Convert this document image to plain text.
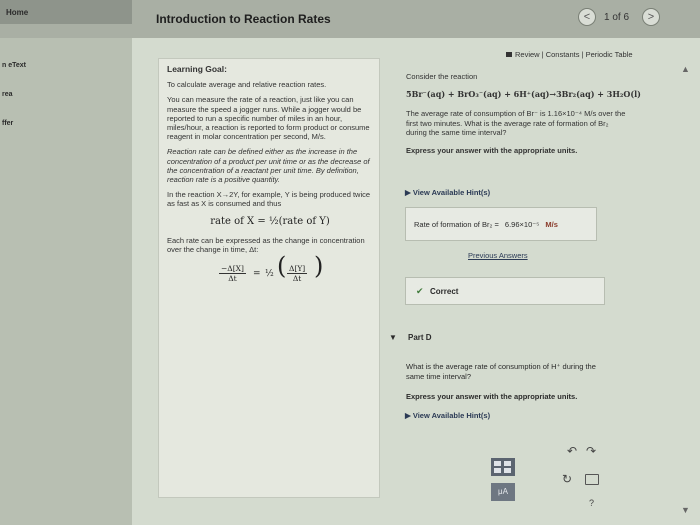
Home	Introduction to Reaction Rates	<	1 of 6	>
n eText
rea
ffer
Learning Goal:
To calculate average and relative reaction rates.
You can measure the rate of a reaction, just like you can measure the speed a jogger runs. While a jogger would be reported to run a specific number of miles in an hour, miles/hour, a reaction is reported to form product or consume reagent in molar concentration per second, M/s.
Reaction rate can be defined either as the increase in the concentration of a product per unit time or as the decrease of the concentration of a reactant per unit time. By definition, reaction rate is a positive quantity.
In the reaction X→2Y, for example, Y is being produced twice as fast as X is consumed and thus
rate of X = ½(rate of Y)
Each rate can be expressed as the change in concentration over the change in time, Δt:
$\frac{-\Delta[X]}{\Delta t}$ = ½ ( $\frac{\Delta[Y]}{\Delta t}$ )
Review | Constants | Periodic Table
Consider the reaction
5Br⁻(aq) + BrO₃⁻(aq) + 6H⁺(aq)→3Br₂(aq) + 3H₂O(l)
The average rate of consumption of Br⁻ is 1.16×10⁻⁴ M/s over the first two minutes. What is the average rate of formation of Br₂ during the same time interval?
Express your answer with the appropriate units.
▶ View Available Hint(s)
Rate of formation of Br₂ = 6.96×10⁻⁵ M/s
Previous Answers
✔ Correct
▼ Part D
What is the average rate of consumption of H⁺ during the same time interval?
Express your answer with the appropriate units.
▶ View Available Hint(s)
μA
↶ ↷
↻
?
▲
▼
